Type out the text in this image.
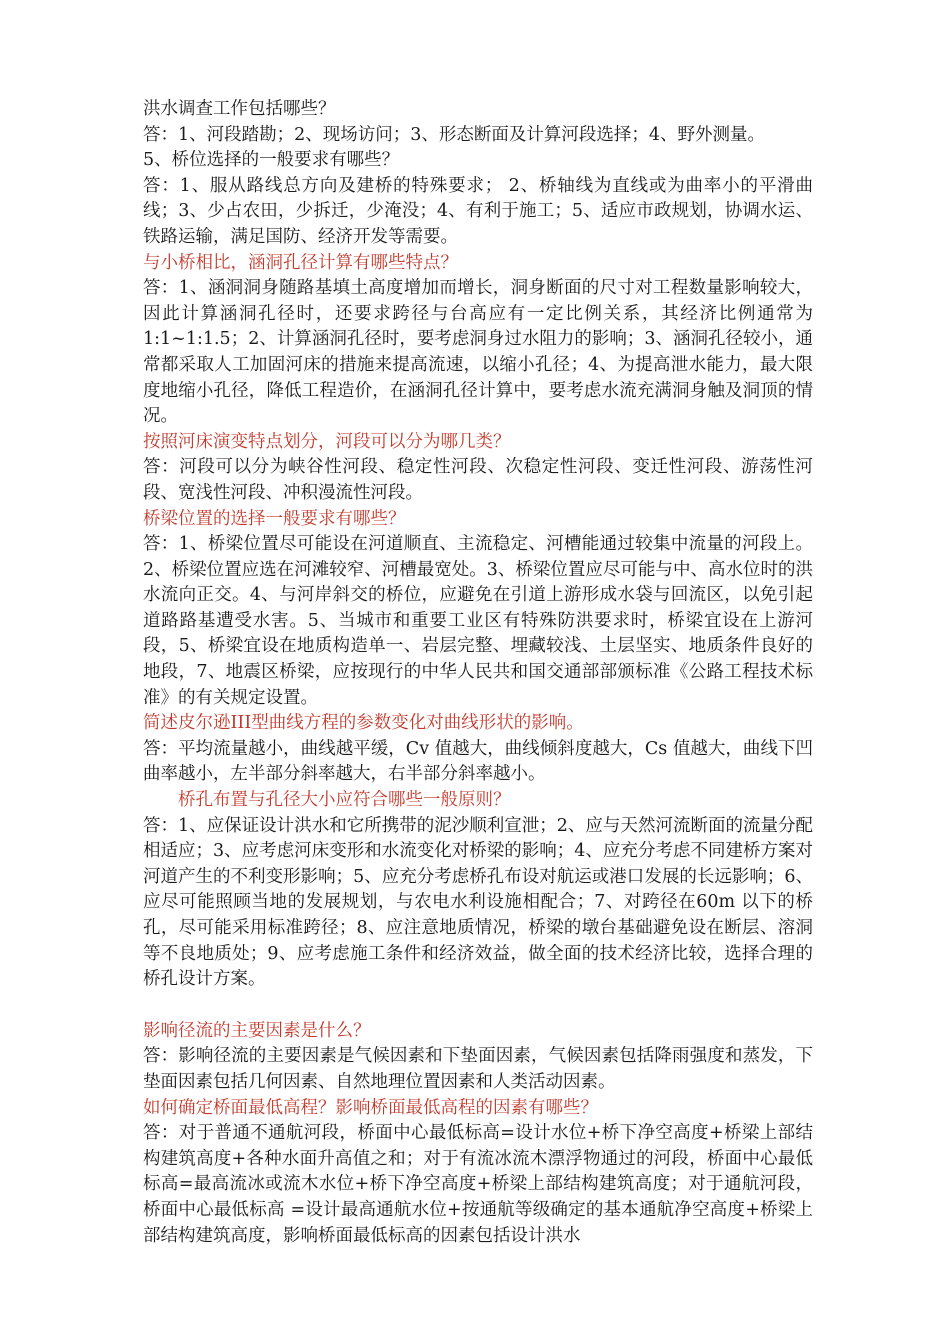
洪水调查工作包括哪些？

答：1、河段踏勘；2、现场访问；3、形态断面及计算河段选择；4、野外测量。

5、桥位选择的一般要求有哪些？

答：1、服从路线总方向及建桥的特殊要求； 2、桥轴线为直线或为曲率小的平滑曲线；3、少占农田，少拆迁，少淹没；4、有利于施工；5、适应市政规划，协调水运、铁路运输，满足国防、经济开发等需要。

与小桥相比，涵洞孔径计算有哪些特点？

答：1、涵洞洞身随路基填土高度增加而增长，洞身断面的尺寸对工程数量影响较大，因此计算涵洞孔径时，还要求跨径与台高应有一定比例关系，其经济比例通常为 1:1~1:1.5；2、计算涵洞孔径时，要考虑洞身过水阻力的影响；3、涵洞孔径较小，通常都采取人工加固河床的措施来提高流速，以缩小孔径；4、为提高泄水能力，最大限度地缩小孔径，降低工程造价，在涵洞孔径计算中，要考虑水流充满洞身触及洞顶的情况。

按照河床演变特点划分，河段可以分为哪几类？

答：河段可以分为峡谷性河段、稳定性河段、次稳定性河段、变迁性河段、游荡性河段、宽浅性河段、冲积漫流性河段。

桥梁位置的选择一般要求有哪些？

答：1、桥梁位置尽可能设在河道顺直、主流稳定、河槽能通过较集中流量的河段上。2、桥梁位置应选在河滩较窄、河槽最宽处。3、桥梁位置应尽可能与中、高水位时的洪水流向正交。4、与河岸斜交的桥位，应避免在引道上游形成水袋与回流区，以免引起道路路基遭受水害。5、当城市和重要工业区有特殊防洪要求时，桥梁宜设在上游河段，5、桥梁宜设在地质构造单一、岩层完整、埋藏较浅、土层坚实、地质条件良好的地段，7、地震区桥梁，应按现行的中华人民共和国交通部部颁标准《公路工程技术标准》的有关规定设置。

简述皮尔逊III型曲线方程的参数变化对曲线形状的影响。

答：平均流量越小，曲线越平缓，Cv 值越大，曲线倾斜度越大，Cs 值越大，曲线下凹曲率越小，左半部分斜率越大，右半部分斜率越小。

桥孔布置与孔径大小应符合哪些一般原则？

答：1、应保证设计洪水和它所携带的泥沙顺利宣泄；2、应与天然河流断面的流量分配相适应；3、应考虑河床变形和水流变化对桥梁的影响；4、应充分考虑不同建桥方案对河道产生的不利变形影响；5、应充分考虑桥孔布设对航运或港口发展的长远影响；6、应尽可能照顾当地的发展规划，与农电水利设施相配合；7、对跨径在60m 以下的桥孔，尽可能采用标准跨径；8、应注意地质情况，桥梁的墩台基础避免设在断层、溶洞等不良地质处；9、应考虑施工条件和经济效益，做全面的技术经济比较，选择合理的桥孔设计方案。

影响径流的主要因素是什么？

答：影响径流的主要因素是气候因素和下垫面因素，气候因素包括降雨强度和蒸发，下垫面因素包括几何因素、自然地理位置因素和人类活动因素。

如何确定桥面最低高程？影响桥面最低高程的因素有哪些？

答：对于普通不通航河段，桥面中心最低标高=设计水位+桥下净空高度+桥梁上部结构建筑高度+各种水面升高值之和；对于有流冰流木漂浮物通过的河段，桥面中心最低标高=最高流冰或流木水位+桥下净空高度+桥梁上部结构建筑高度；对于通航河段，桥面中心最低标高 =设计最高通航水位+按通航等级确定的基本通航净空高度+桥梁上部结构建筑高度，影响桥面最低标高的因素包括设计洪水
